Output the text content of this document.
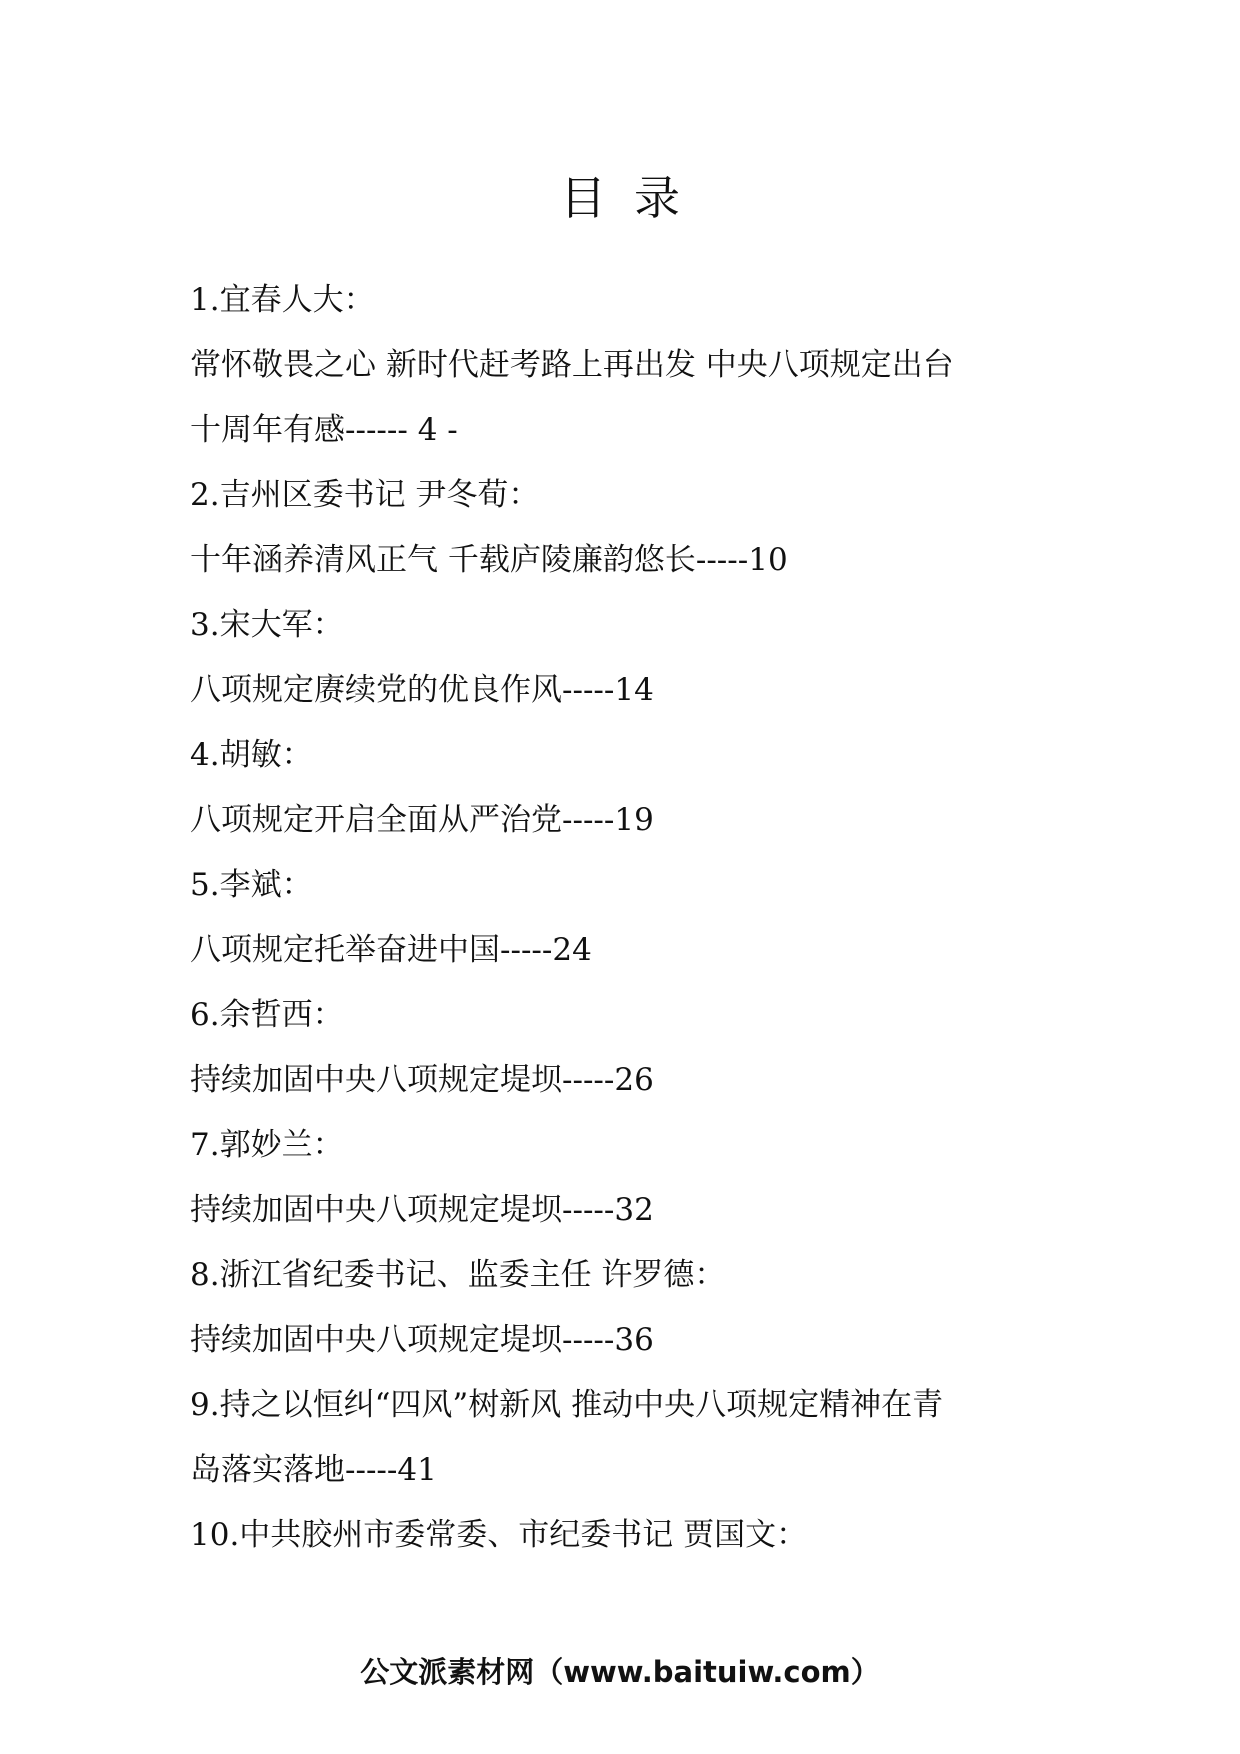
目录
1.宜春人大：
常怀敬畏之心 新时代赶考路上再出发 中央八项规定出台
十周年有感------ 4 -
2.吉州区委书记 尹冬荀：
十年涵养清风正气 千载庐陵廉韵悠长-----10
3.宋大军：
八项规定赓续党的优良作风-----14
4.胡敏：
八项规定开启全面从严治党-----19
5.李斌：
八项规定托举奋进中国-----24
6.余哲西：
持续加固中央八项规定堤坝-----26
7.郭妙兰：
持续加固中央八项规定堤坝-----32
8.浙江省纪委书记、监委主任 许罗德：
持续加固中央八项规定堤坝-----36
9.持之以恒纠“四风”树新风 推动中央八项规定精神在青
岛落实落地-----41
10.中共胶州市委常委、市纪委书记 贾国文：
公文派素材网（www.baituiw.com）
